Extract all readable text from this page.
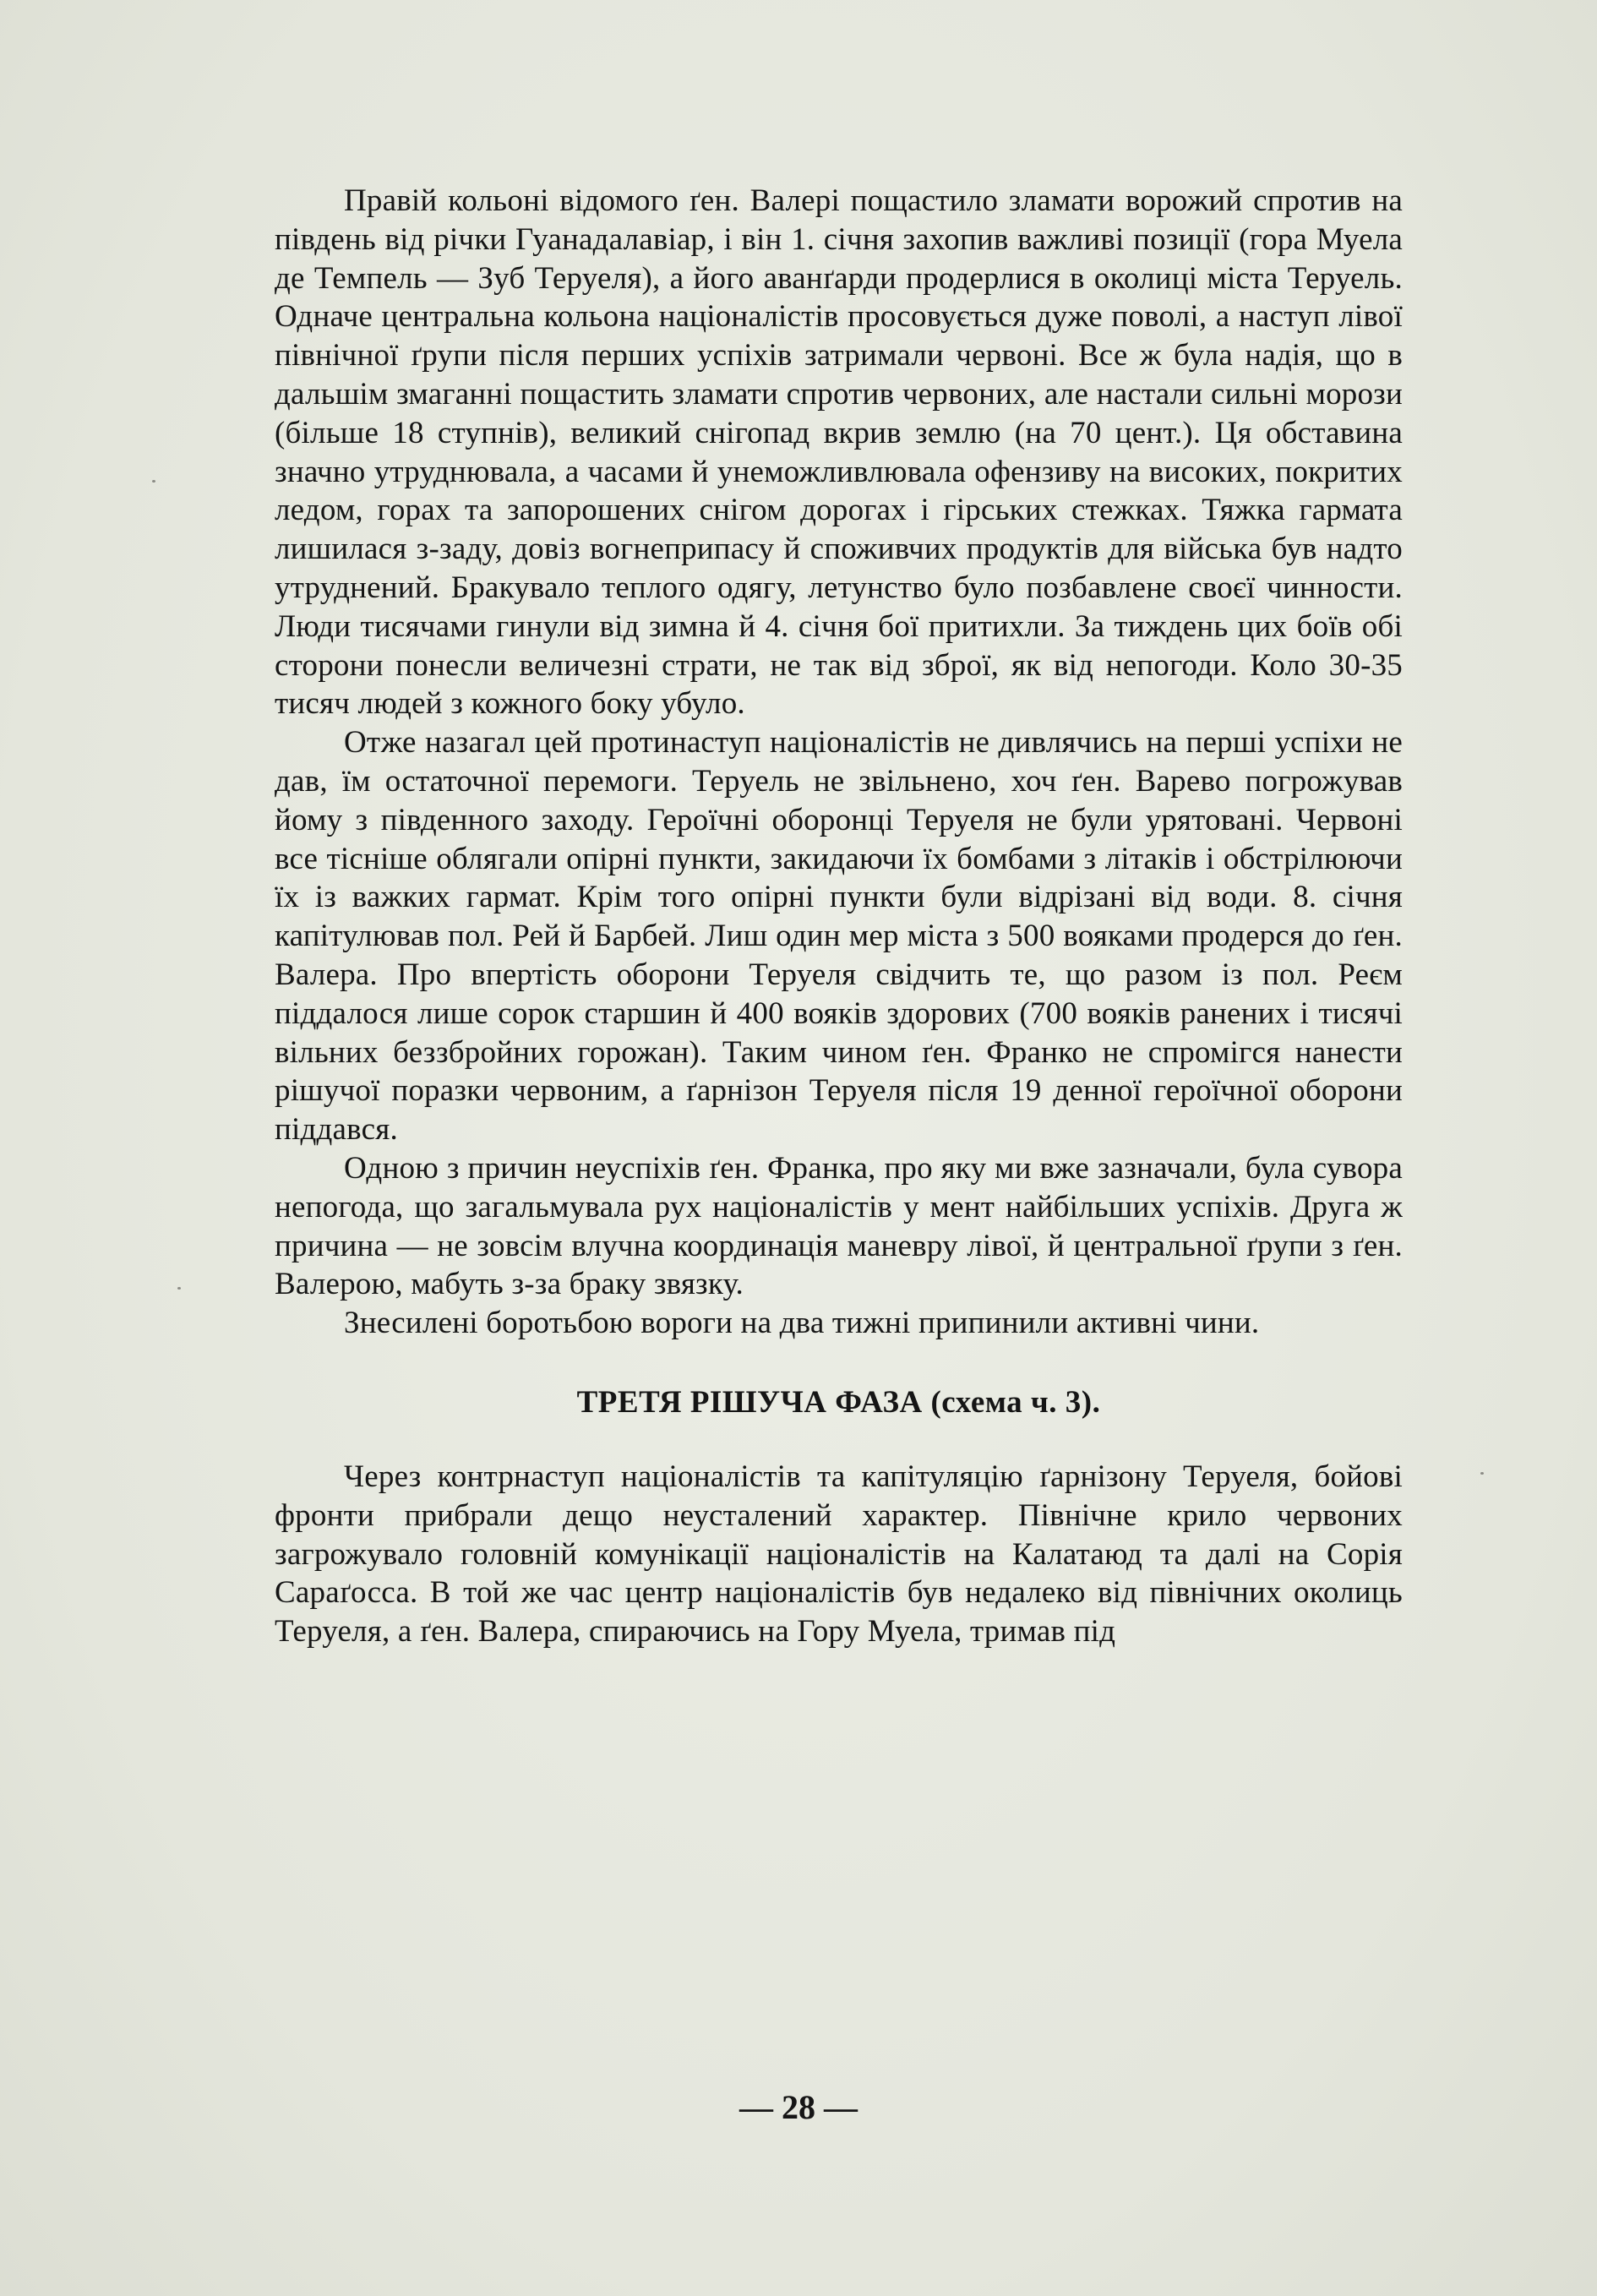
Правій кольоні відомого ґен. Валері пощастило зламати ворожий спротив на південь від річки Гуанадалавіар, і він 1. січня захопив важливі позиції (гора Муела де Темпель — Зуб Теруеля), а його аванґарди продерлися в околиці міста Теруель. Одначе центральна кольона націоналістів просовується дуже поволі, а наступ лівої північної ґрупи після перших успіхів затримали червоні. Все ж була надія, що в дальшім змаганні пощастить зламати спротив червоних, але настали сильні морози (більше 18 ступнів), великий снігопад вкрив землю (на 70 цент.). Ця обставина значно утруднювала, а часами й унеможливлювала офензиву на високих, покритих ледом, горах та запорошених снігом дорогах і гірських стежках. Тяжка гармата лишилася з-заду, довіз вогнеприпасу й споживчих продуктів для війська був надто утруднений. Бракувало теплого одягу, летунство було позбавлене своєї чинности. Люди тисячами гинули від зимна й 4. січня бої притихли. За тиждень цих боїв обі сторони понесли величезні страти, не так від зброї, як від непогоди. Коло 30-35 тисяч людей з кожного боку убуло.

Отже назагал цей протинаступ націоналістів не дивлячись на перші успіхи не дав, їм остаточної перемоги. Теруель не звільнено, хоч ґен. Варево погрожував йому з південного заходу. Героїчні оборонці Теруеля не були урятовані. Червоні все тісніше облягали опірні пункти, закидаючи їх бомбами з літаків і обстрілюючи їх із важких гармат. Крім того опірні пункти були відрізані від води. 8. січня капітулював пол. Рей й Барбей. Лиш один мер міста з 500 вояками продерся до ґен. Валера. Про впертість оборони Теруеля свідчить те, що разом із пол. Реєм піддалося лише сорок старшин й 400 вояків здорових (700 вояків ранених і тисячі вільних беззбройних горожан). Таким чином ґен. Франко не спромігся нанести рішучої поразки червоним, а ґарнізон Теруеля після 19 денної героїчної оборони піддався.

Одною з причин неуспіхів ґен. Франка, про яку ми вже зазначали, була сувора непогода, що загальмувала рух націоналістів у мент найбільших успіхів. Друга ж причина — не зовсім влучна координація маневру лівої, й центральної ґрупи з ґен. Валерою, мабуть з-за браку звязку.

Знесилені боротьбою вороги на два тижні припинили активні чини.

ТРЕТЯ РІШУЧА ФАЗА (схема ч. 3).

Через контрнаступ націоналістів та капітуляцію ґарнізону Теруеля, бойові фронти прибрали дещо неусталений характер. Північне крило червоних загрожувало головній комунікації націоналістів на Калатаюд та далі на Сорія Сараґосса. В той же час центр націоналістів був недалеко від північних околиць Теруеля, а ґен. Валера, спираючись на Гору Муела, тримав під

— 28 —
